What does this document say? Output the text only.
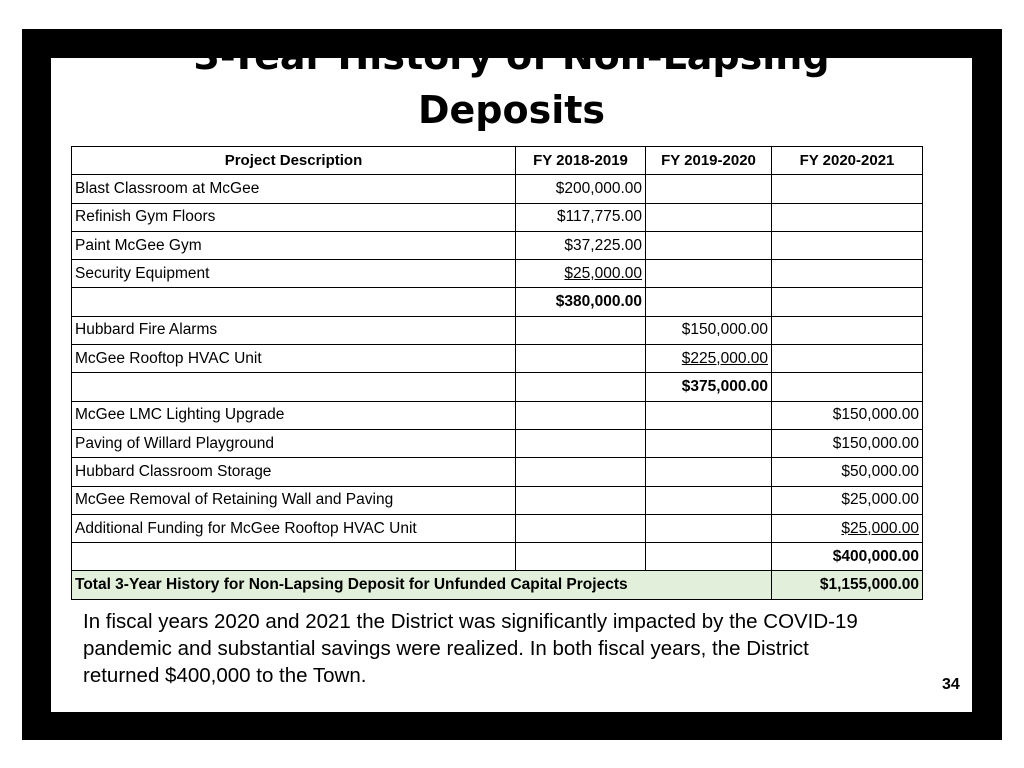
3-Year History of Non-Lapsing
Deposits
Project Description	FY 2018-2019	FY 2019-2020	FY 2020-2021
Blast Classroom at McGee	$200,000.00		
Refinish Gym Floors	$117,775.00		
Paint McGee Gym	$37,225.00		
Security Equipment	$25,000.00		
	$380,000.00		
Hubbard Fire Alarms		$150,000.00	
McGee Rooftop HVAC Unit		$225,000.00	
		$375,000.00	
McGee LMC Lighting Upgrade			$150,000.00
Paving of Willard Playground			$150,000.00
Hubbard Classroom Storage			$50,000.00
McGee Removal of Retaining Wall and Paving			$25,000.00
Additional Funding for McGee Rooftop HVAC Unit			$25,000.00
			$400,000.00
Total 3-Year History for Non-Lapsing Deposit for Unfunded Capital Projects			$1,155,000.00

In fiscal years 2020 and 2021 the District was significantly impacted by the COVID-19 pandemic and substantial savings were realized. In both fiscal years, the District returned $400,000 to the Town.	34
